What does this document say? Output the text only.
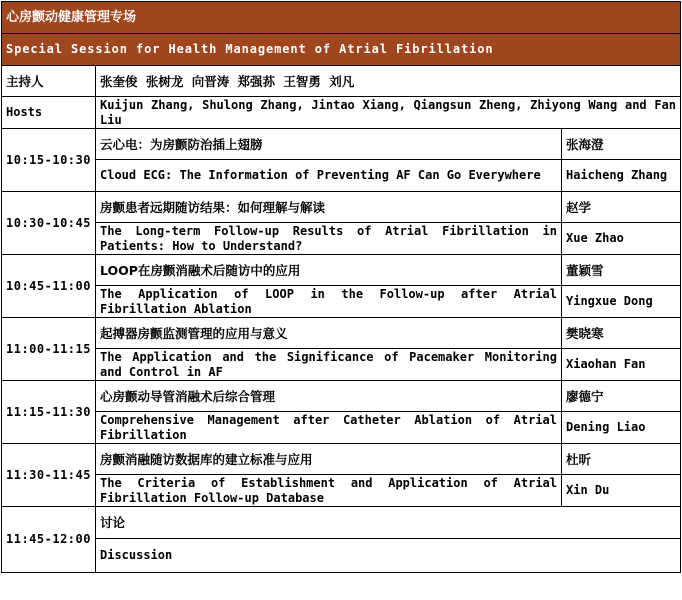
心房颤动健康管理专场		
Special Session for Health Management of Atrial Fibrillation		
主持人	张奎俊 张树龙 向晋涛 郑强荪 王智勇 刘凡	
Hosts	Kuijun Zhang, Shulong Zhang, Jintao Xiang, Qiangsun Zheng, Zhiyong Wang and Fan Liu	
10:15-10:30	云心电：为房颤防治插上翅膀	张海澄
	Cloud ECG: The Information of Preventing AF Can Go Everywhere	Haicheng Zhang
10:30-10:45	房颤患者远期随访结果：如何理解与解读	赵学
	The Long-term Follow-up Results of Atrial Fibrillation in Patients: How to Understand?	Xue Zhao
10:45-11:00	LOOP在房颤消融术后随访中的应用	董颖雪
	The Application of LOOP in the Follow-up after Atrial Fibrillation Ablation	Yingxue Dong
11:00-11:15	起搏器房颤监测管理的应用与意义	樊晓寒
	The Application and the Significance of Pacemaker Monitoring and Control in AF	Xiaohan Fan
11:15-11:30	心房颤动导管消融术后综合管理	廖德宁
	Comprehensive Management after Catheter Ablation of Atrial Fibrillation	Dening Liao
11:30-11:45	房颤消融随访数据库的建立标准与应用	杜昕
	The Criteria of Establishment and Application of Atrial Fibrillation Follow-up Database	Xin Du
11:45-12:00	讨论	
	Discussion	
